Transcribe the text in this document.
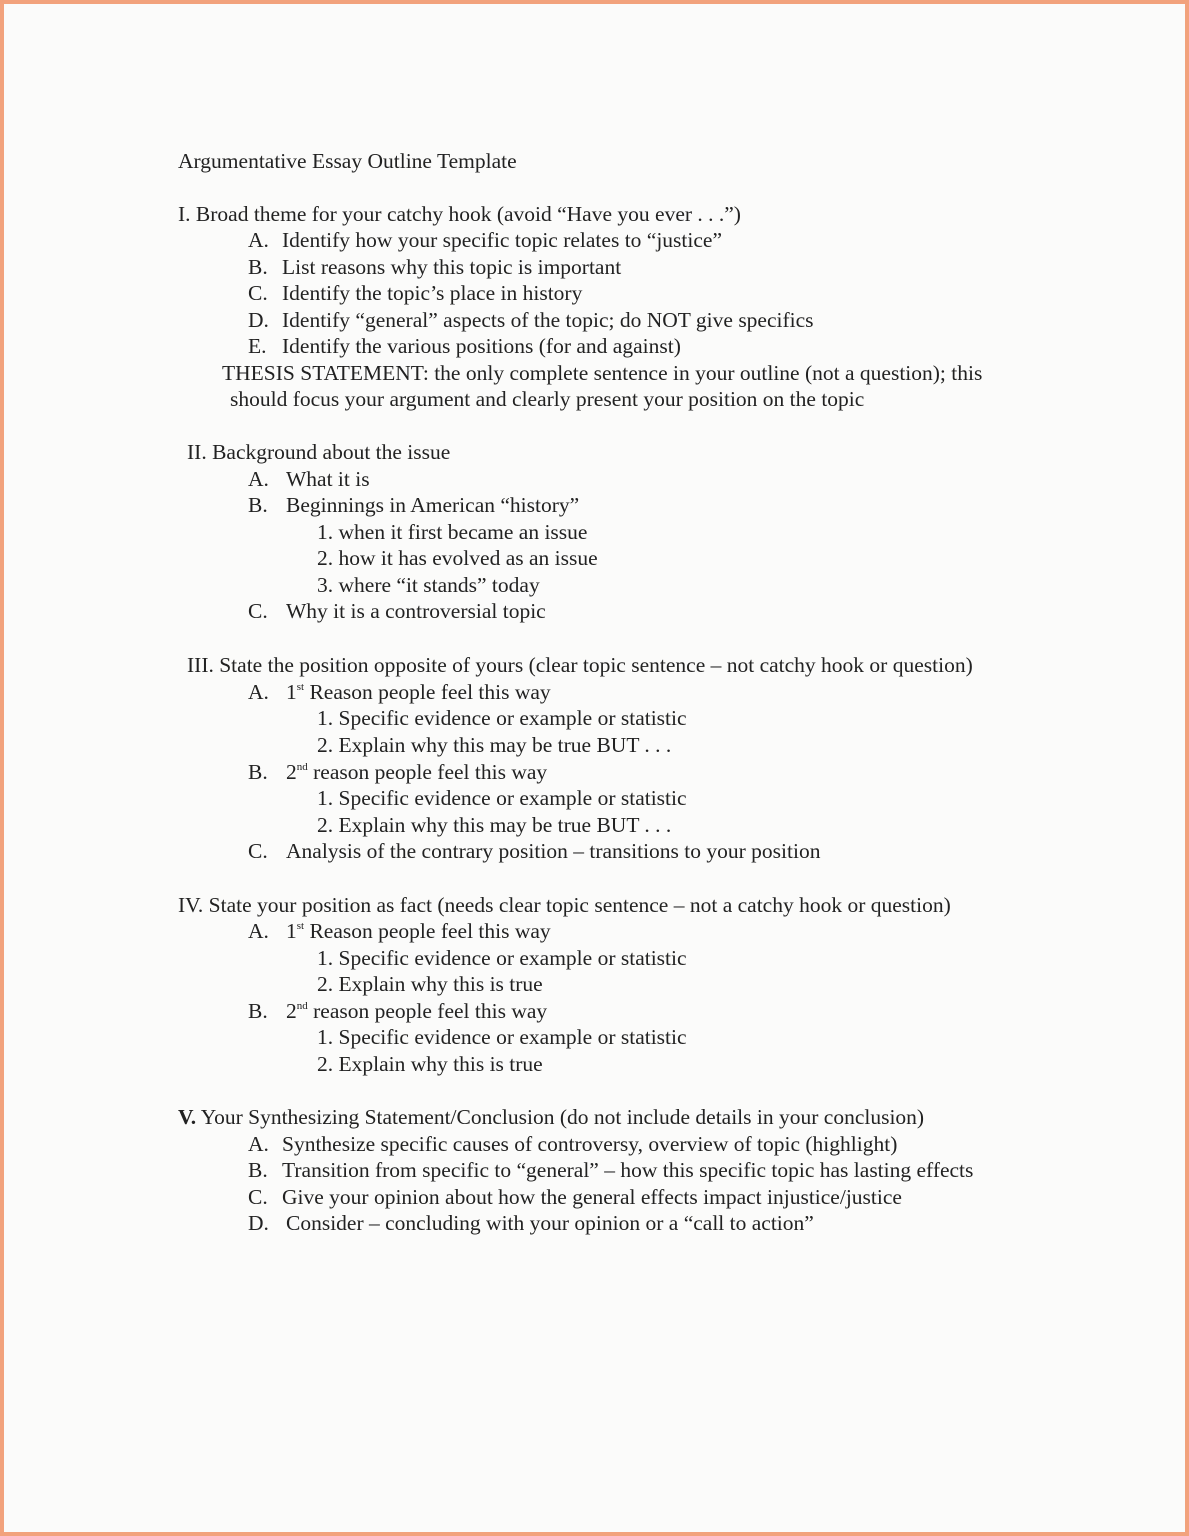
Argumentative Essay Outline Template
I. Broad theme for your catchy hook (avoid “Have you ever . . .”)
A. Identify how your specific topic relates to “justice”
B. List reasons why this topic is important
C. Identify the topic’s place in history
D. Identify “general” aspects of the topic; do NOT give specifics
E. Identify the various positions (for and against)
THESIS STATEMENT: the only complete sentence in your outline (not a question); this
should focus your argument and clearly present your position on the topic
II. Background about the issue
A. What it is
B. Beginnings in American “history”
1. when it first became an issue
2. how it has evolved as an issue
3. where “it stands” today
C. Why it is a controversial topic
III. State the position opposite of yours (clear topic sentence – not catchy hook or question)
A. 1st Reason people feel this way
1. Specific evidence or example or statistic
2. Explain why this may be true BUT . . .
B. 2nd reason people feel this way
1. Specific evidence or example or statistic
2. Explain why this may be true BUT . . .
C. Analysis of the contrary position – transitions to your position
IV. State your position as fact (needs clear topic sentence – not a catchy hook or question)
A. 1st Reason people feel this way
1. Specific evidence or example or statistic
2. Explain why this is true
B. 2nd reason people feel this way
1. Specific evidence or example or statistic
2. Explain why this is true
V. Your Synthesizing Statement/Conclusion (do not include details in your conclusion)
A. Synthesize specific causes of controversy, overview of topic (highlight)
B. Transition from specific to “general” – how this specific topic has lasting effects
C. Give your opinion about how the general effects impact injustice/justice
D. Consider – concluding with your opinion or a “call to action”
